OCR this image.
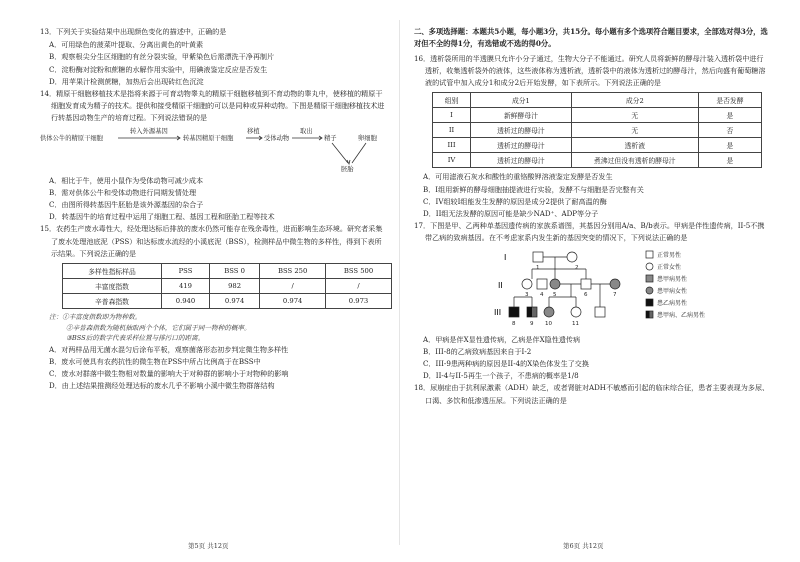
13．下列关于实验结果中出现颜色变化的描述中，正确的是

A．可用绿色的菠菜叶提取、分离出黄色的叶黄素

B．观察根尖分生区细胞的有丝分裂实验，甲紫染色后需漂洗干净再制片

C．淀粉酶对淀粉和蔗糖的水解作用实验中，用碘液鉴定反应是否发生

D．用苹果汁检测蔗糖，加热后会出现砖红色沉淀

14．精原干细胞移植技术是指将来源于可育动物睾丸的精原干细胞移植到不育动物的睾丸中，使移植的精原干细胞发育成为精子的技术。提供和接受精原干细胞的可以是同种或异种动物。下图是精原干细胞移植技术进行转基因动物生产的培育过程。下列说法错误的是

供体公牛的精原干细胞
转入外源基因
转基因精原干细胞
移植
受体动物
取出
精子	卵细胞
胚胎

A．相比于牛，使用小鼠作为受体动物可减少成本

B．需对供体公牛和受体动物进行同期发情处理

C．由图所得转基因牛胚胎是该外源基因的杂合子

D．转基因牛的培育过程中运用了细胞工程、基因工程和胚胎工程等技术

15．农药生产废水毒性大，经处理达标后排放的废水仍然可能存在残余毒性，进而影响生态环境。研究者采集了废水处理池底泥（PSS）和达标废水流经的小溪底泥（BSS），检测样品中微生物的多样性，得到下表所示结果。下列说法正确的是

多样性指标样品	PSS	BSS 0	BSS 250	BSS 500
丰富度指数	419	982	/	/
辛普森指数	0.940	0.974	0.974	0.973

注：①丰富度指数即为物种数。

②辛普森指数为随机抽取两个个体，它们属于同一物种的概率。

③BSS后的数字代表采样位置与排污口的距离。

A．对两样品用无菌水混匀后涂布平板，观察菌落形态初步判定微生物多样性

B．废水可使具有农药抗性的微生物在PSS中所占比例高于在BSS中

C．废水对群落中微生物相对数量的影响大于对种群的影响小于对物种的影响

D．由上述结果推测经处理达标的废水几乎不影响小溪中微生物群落结构

第5页 共12页

二、多项选择题：本题共5小题，每小题3分，共15分。每小题有多个选项符合题目要求，全部选对得3分，选对但不全的得1分，有选错或不选的得0分。

16．透析袋所用的半透膜只允许小分子通过，生物大分子不能通过。研究人员将新鲜的酵母汁装入透析袋中进行透析，收集透析袋外的液体，这些液体称为透析液，透析袋中的液体为透析过的酵母汁，然后向盛有葡萄糖溶液的试管中加入成分1和成分2后开始发酵，如下表所示。下列说法正确的是

组别	成分1	成分2	是否发酵
I	新鲜酵母汁	无	是
II	透析过的酵母汁	无	否
III	透析过的酵母汁	透析液	是
IV	透析过的酵母汁	煮沸过但没有透析的酵母汁	是

A．可用滤液石灰水和酸性的重铬酸钾溶液鉴定发酵是否发生

B．I组用新鲜的酵母细胞抽提液进行实验，发酵不与细胞是否完整有关

C．IV组较I组能发生发酵的原因是成分2提供了耐高温的酶

D．II组无法发酵的原因可能是缺少NAD⁺、ADP等分子

17．下图是甲、乙两种单基因遗传病的家族系谱图，其基因分别用A/a、B/b表示。甲病是伴性遗传病，II-5不携带乙病的致病基因。在不考虑家系内发生新的基因突变的情况下，下列说法正确的是

I
II
III
1	2
3 4 5	6	7
8	9 10	11
正常男性
正常女性
患甲病男性
患甲病女性
患乙病男性
患甲病、乙病男性

A．甲病是伴X显性遗传病，乙病是伴X隐性遗传病

B．III-8的乙病致病基因来自于I-2

C．III-9患两种病的原因是II-4的X染色体发生了交换

D．II-4与II-5再生一个孩子，不患病的概率是1/8

18．尿崩症由于抗利尿激素（ADH）缺乏，或者肾脏对ADH不敏感而引起的临床综合征，患者主要表现为多尿、口渴、多饮和低渗透压尿。下列说法正确的是

第6页 共12页
